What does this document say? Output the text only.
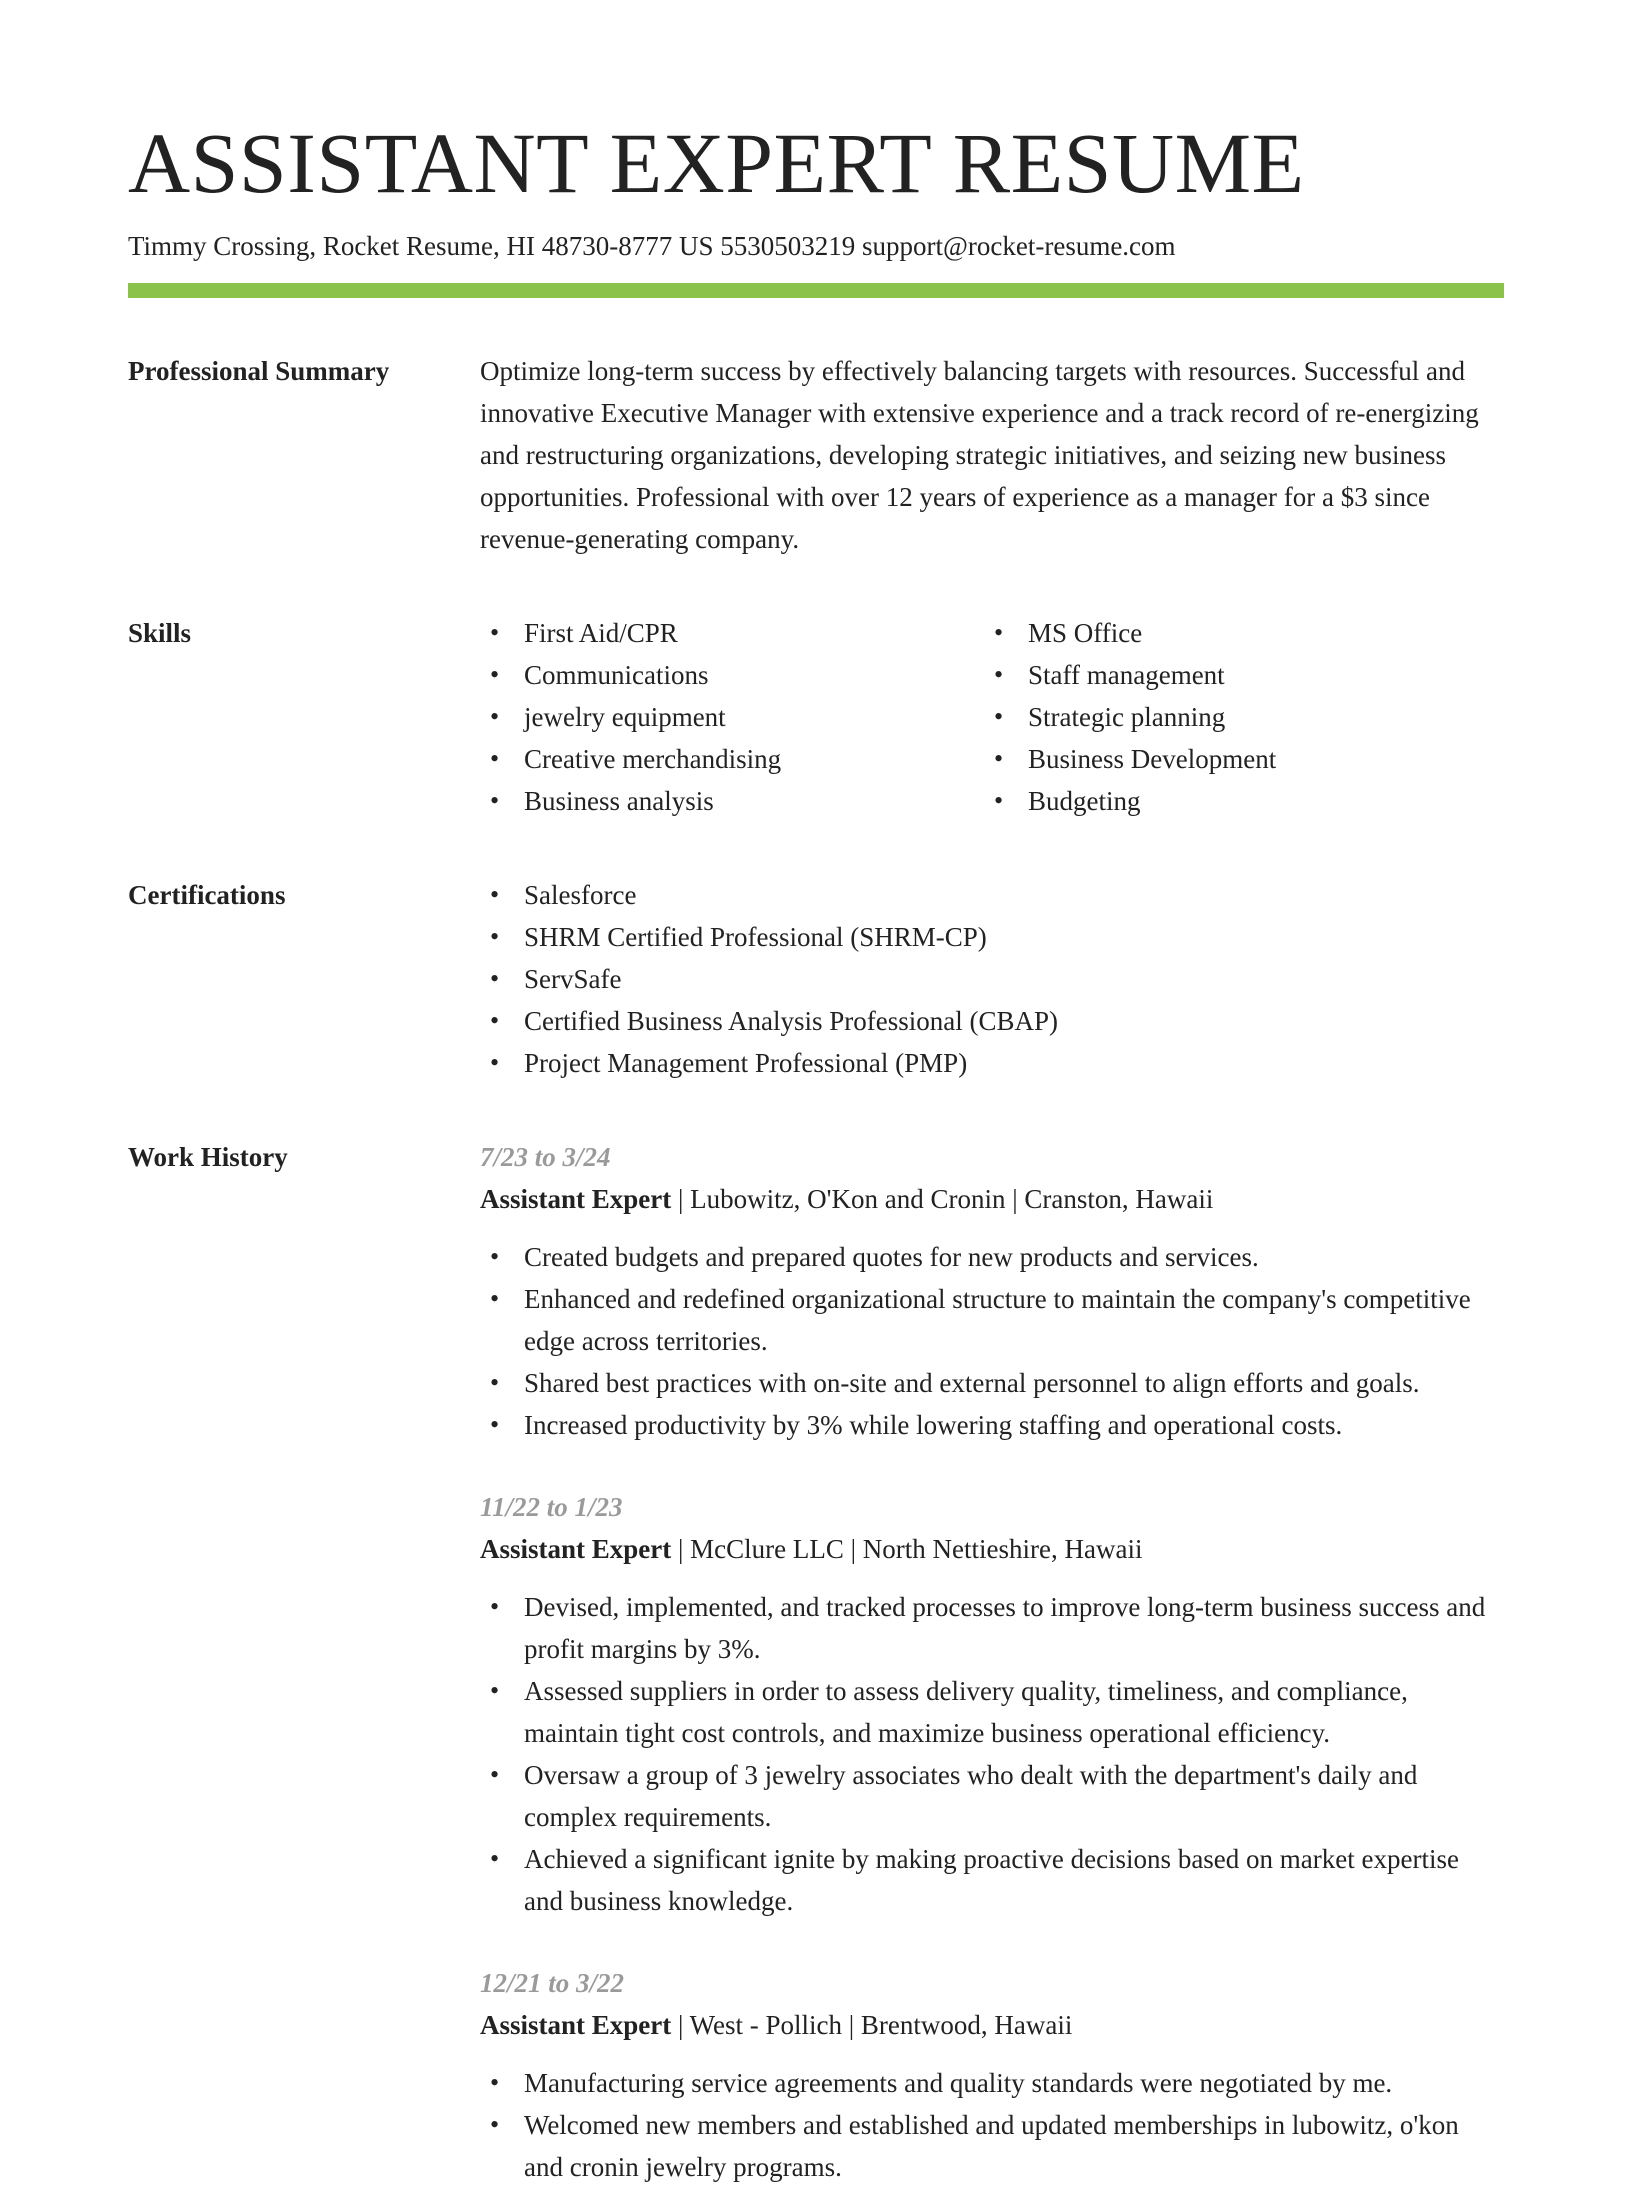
ASSISTANT EXPERT RESUME
Timmy Crossing, Rocket Resume, HI 48730-8777 US 5530503219 support@rocket-resume.com
Professional Summary	Optimize long-term success by effectively balancing targets with resources. Successful and innovative Executive Manager with extensive experience and a track record of re-energizing and restructuring organizations, developing strategic initiatives, and seizing new business opportunities. Professional with over 12 years of experience as a manager for a $3 since revenue-generating company.
Skills	• First Aid/CPR
• Communications
• jewelry equipment
• Creative merchandising
• Business analysis
• MS Office
• Staff management
• Strategic planning
• Business Development
• Budgeting
Certifications	• Salesforce
• SHRM Certified Professional (SHRM-CP)
• ServSafe
• Certified Business Analysis Professional (CBAP)
• Project Management Professional (PMP)
Work History	7/23 to 3/24
Assistant Expert | Lubowitz, O'Kon and Cronin | Cranston, Hawaii
• Created budgets and prepared quotes for new products and services.
• Enhanced and redefined organizational structure to maintain the company's competitive edge across territories.
• Shared best practices with on-site and external personnel to align efforts and goals.
• Increased productivity by 3% while lowering staffing and operational costs.
11/22 to 1/23
Assistant Expert | McClure LLC | North Nettieshire, Hawaii
• Devised, implemented, and tracked processes to improve long-term business success and profit margins by 3%.
• Assessed suppliers in order to assess delivery quality, timeliness, and compliance, maintain tight cost controls, and maximize business operational efficiency.
• Oversaw a group of 3 jewelry associates who dealt with the department's daily and complex requirements.
• Achieved a significant ignite by making proactive decisions based on market expertise and business knowledge.
12/21 to 3/22
Assistant Expert | West - Pollich | Brentwood, Hawaii
• Manufacturing service agreements and quality standards were negotiated by me.
• Welcomed new members and established and updated memberships in lubowitz, o'kon and cronin jewelry programs.
